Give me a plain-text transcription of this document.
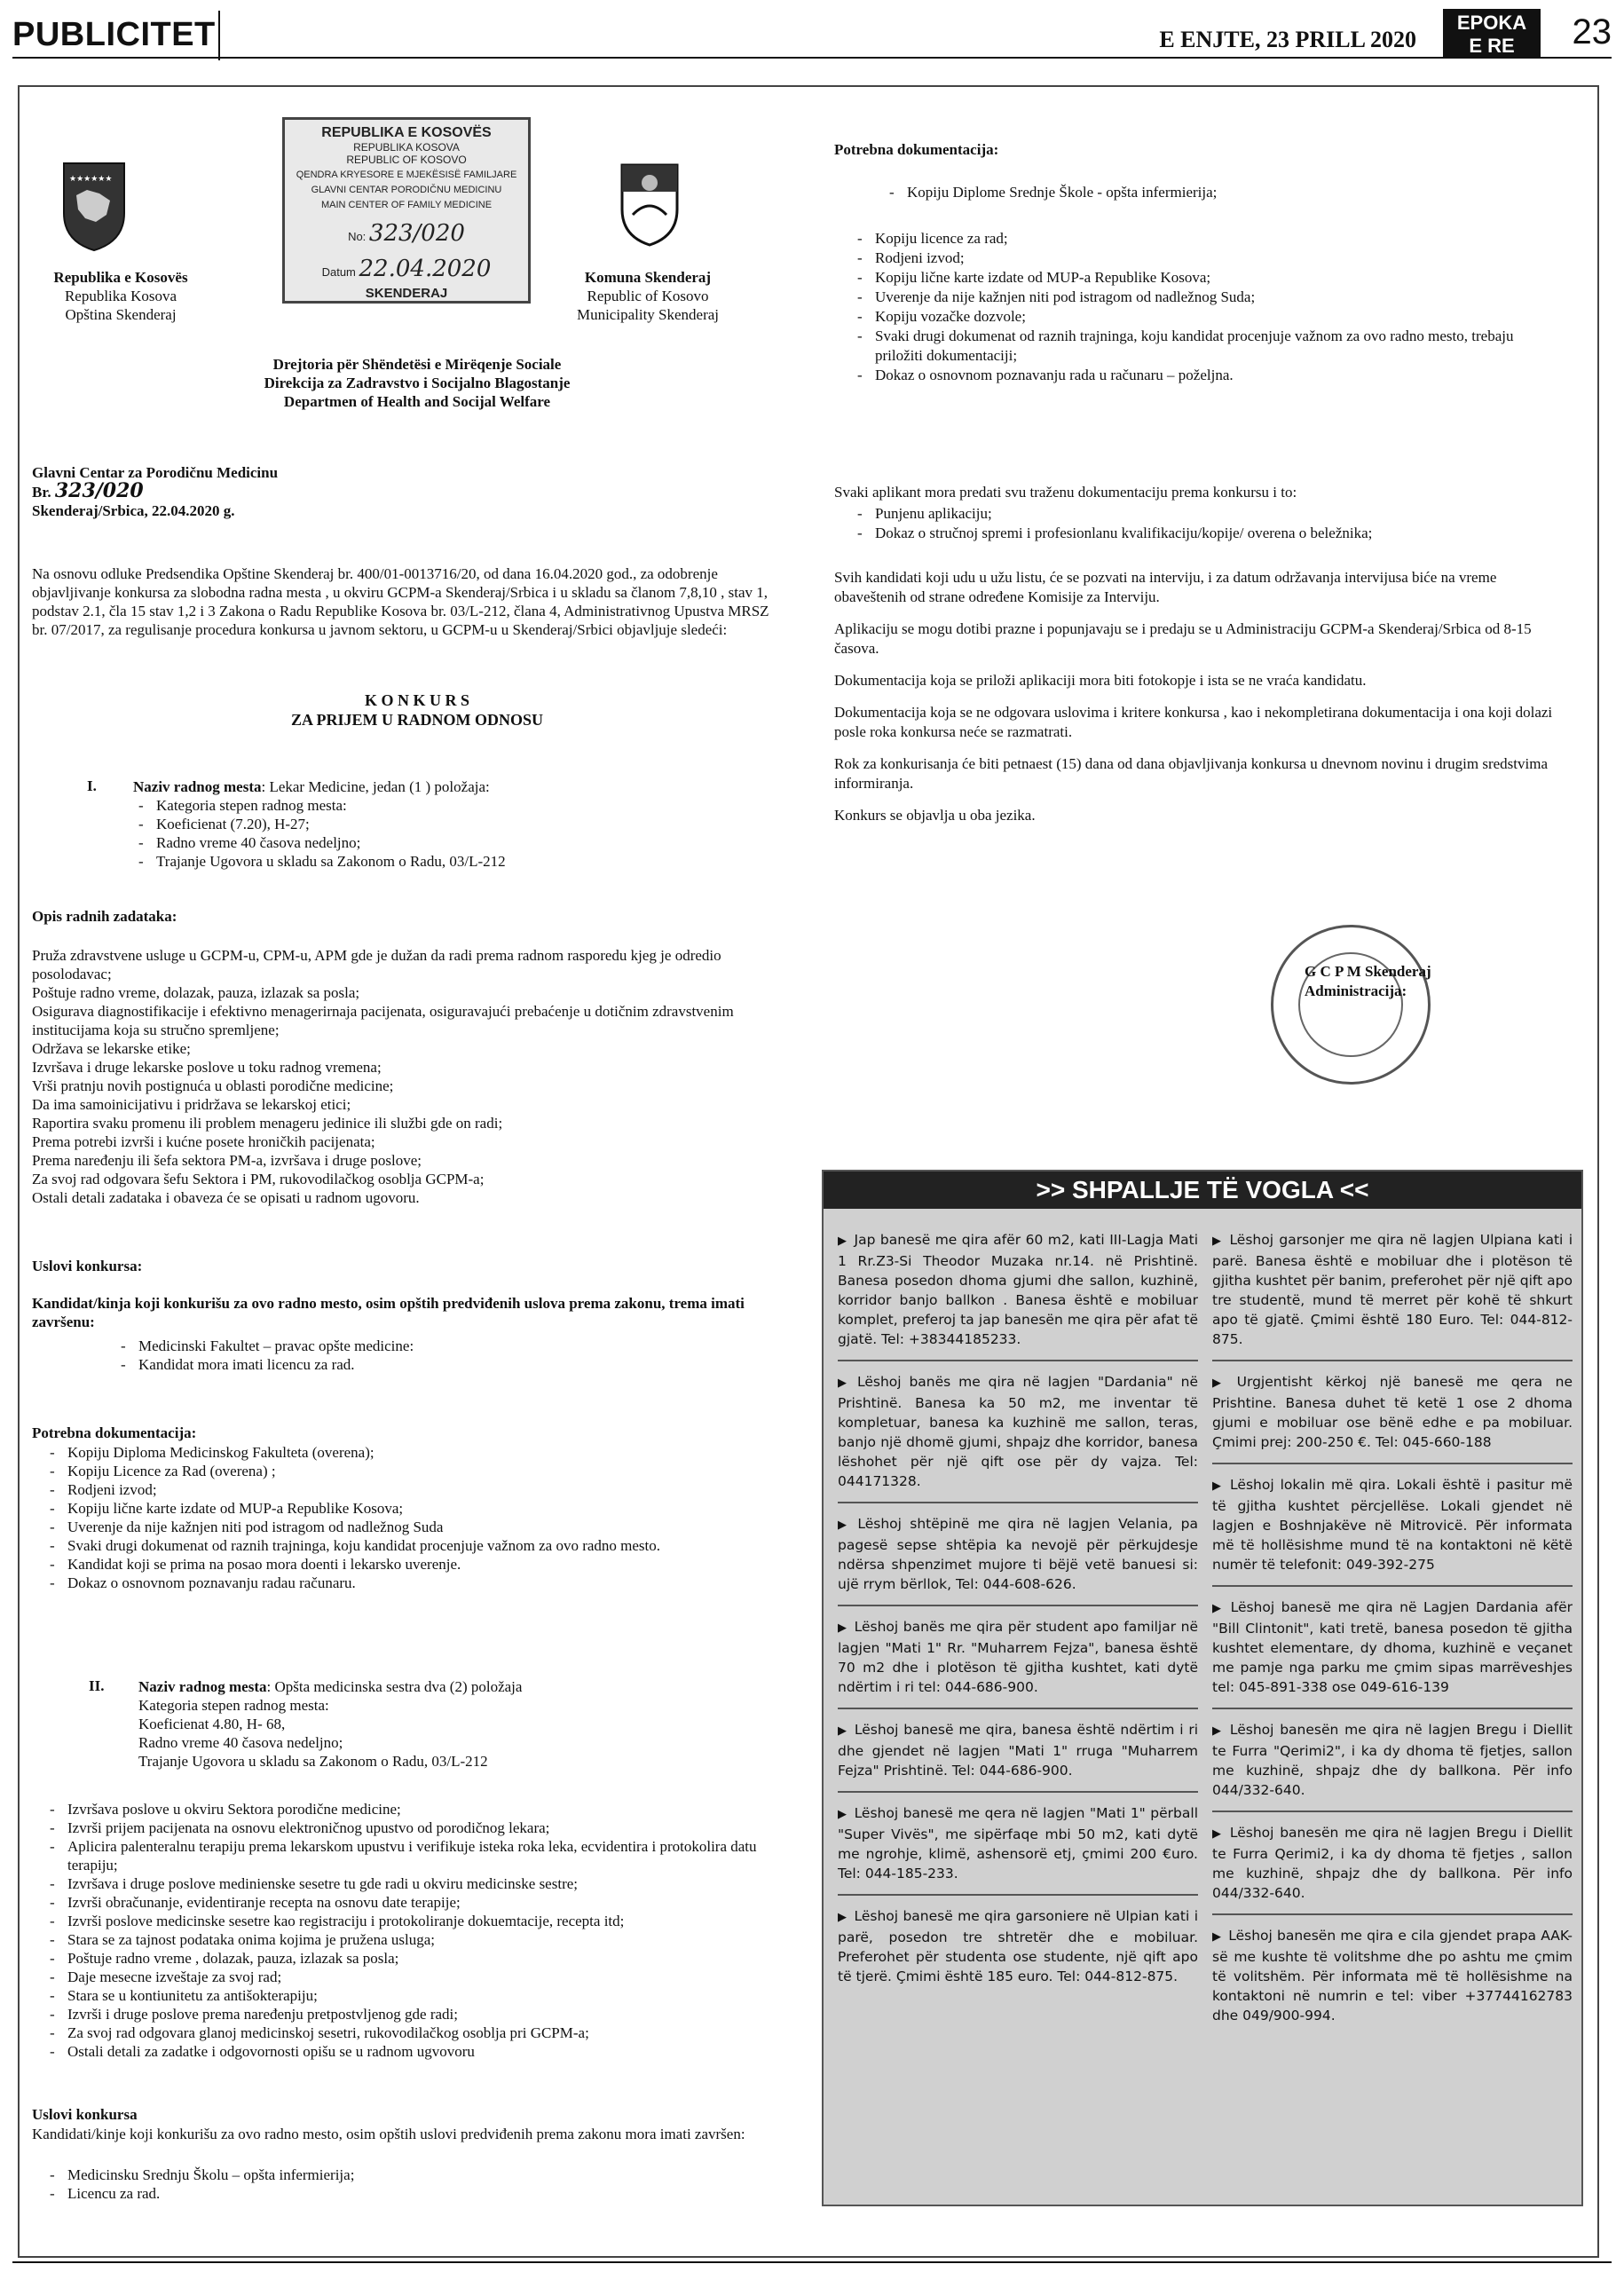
PUBLICITET	E ENJTE, 23 PRILL 2020
EPOKA
E RE	23
★★★★★★
Republika e Kosovës
Republika Kosova
Opština Skenderaj
REPUBLIKA E KOSOVËS
REPUBLIKA KOSOVA
REPUBLIC OF KOSOVO
QENDRA KRYESORE E MJEKËSISË FAMILJARE
GLAVNI CENTAR PORODIČNU MEDICINU
MAIN CENTER OF FAMILY MEDICINE
No: 323/020
Datum 22.04.2020
SKENDERAJ
Komuna Skenderaj
Republic of Kosovo
Municipality Skenderaj
Drejtoria për Shëndetësi e Mirëqenje Sociale
Direkcija za Zadravstvo i Socijalno Blagostanje
Departmen of Health and Socijal Welfare
Glavni Centar za Porodičnu Medicinu
Br. 323/020
Skenderaj/Srbica, 22.04.2020 g.
Na osnovu odluke Predsendika Opštine Skenderaj br. 400/01-0013716/20, od dana 16.04.2020 god., za odobrenje objavljivanje konkursa za slobodna radna mesta , u okviru GCPM-a Skenderaj/Srbica i u skladu sa članom 7,8,10 , stav 1, podstav 2.1, čla 15 stav 1,2 i 3 Zakona o Radu Republike Kosova br. 03/L-212, člana 4, Administrativnog Upustva MRSZ br. 07/2017, za regulisanje procedura konkursa u javnom sektoru, u GCPM-u u Skenderaj/Srbici objavljuje sledeći:
K O N K U R S
ZA PRIJEM U RADNOM ODNOSU
I. Naziv radnog mesta: Lekar Medicine, jedan (1 ) položaja:
- Kategoria stepen radnog mesta:
- Koeficienat (7.20), H-27;
- Radno vreme 40 časova nedeljno;
- Trajanje Ugovora u skladu sa Zakonom o Radu, 03/L-212
Opis radnih zadataka:
Pruža zdravstvene usluge u GCPM-u, CPM-u, APM gde je dužan da radi prema radnom rasporedu kjeg je odredio posolodavac;
Poštuje radno vreme, dolazak, pauza, izlazak sa posla;
Osigurava diagnostifikacije i efektivno menagerirnaja pacijenata, osiguravajući prebaćenje u dotičnim zdravstvenim institucijama koja su stručno spremljene;
Održava se lekarske etike;
Izvršava i druge lekarske poslove u toku radnog vremena;
Vrši pratnju novih postignuća u oblasti porodične medicine;
Da ima samoinicijativu i pridržava se lekarskoj etici;
Raportira svaku promenu ili problem menageru jedinice ili službi gde on radi;
Prema potrebi izvrši i kućne posete hroničkih pacijenata;
Prema naređenju ili šefa sektora PM-a, izvršava i druge poslove;
Za svoj rad odgovara šefu Sektora i PM, rukovodilačkog osoblja GCPM-a;
Ostali detali zadataka i obaveza će se opisati u radnom ugovoru.
Uslovi konkursa:
Kandidat/kinja koji konkurišu za ovo radno mesto, osim opštih predviđenih uslova prema zakonu, trema imati završenu:
- Medicinski Fakultet – pravac opšte medicine:
- Kandidat mora imati licencu za rad.
Potrebna dokumentacija:
- Kopiju Diploma Medicinskog Fakulteta (overena);
- Kopiju Licence za Rad (overena) ;
- Rodjeni izvod;
- Kopiju lične karte izdate od MUP-a Republike Kosova;
- Uverenje da nije kažnjen niti pod istragom od nadležnog Suda
- Svaki drugi dokumenat od raznih trajninga, koju kandidat procenjuje važnom za ovo radno mesto.
- Kandidat koji se prima na posao mora doenti i lekarsko uverenje.
- Dokaz o osnovnom poznavanju radau računaru.
II. Naziv radnog mesta: Opšta medicinska sestra dva (2) položaja
Kategoria stepen radnog mesta:
Koeficienat 4.80, H- 68,
Radno vreme 40 časova nedeljno;
Trajanje Ugovora u skladu sa Zakonom o Radu, 03/L-212
- Izvršava poslove u okviru Sektora porodične medicine;
- Izvrši prijem pacijenata na osnovu elektroničnog upustvo od porodičnog lekara;
- Aplicira palenteralnu terapiju prema lekarskom upustvu i verifikuje isteka roka leka, ecvidentira i protokolira datu terapiju;
- Izvršava i druge poslove medinienske sesetre tu gde radi u okviru medicinske sestre;
- Izvrši obračunanje, evidentiranje recepta na osnovu date terapije;
- Izvrši poslove medicinske sesetre kao registraciju i protokoliranje dokuemtacije, recepta itd;
- Stara se za tajnost podataka onima kojima je pružena usluga;
- Poštuje radno vreme , dolazak, pauza, izlazak sa posla;
- Daje mesecne izveštaje za svoj rad;
- Stara se u kontiunitetu za antišokterapiju;
- Izvrši i druge poslove prema naređenju pretpostvljenog gde radi;
- Za svoj rad odgovara glanoj medicinskoj sesetri, rukovodilačkog osoblja pri GCPM-a;
- Ostali detali za zadatke i odgovornosti opišu se u radnom ugvovoru
Uslovi konkursa
Kandidati/kinje koji konkurišu za ovo radno mesto, osim opštih uslovi predviđenih prema zakonu mora imati završen:
- Medicinsku Srednju Školu – opšta infermierija;
- Licencu za rad.
Potrebna dokumentacija:
- Kopiju Diplome Srednje Škole - opšta infermierija;
- Kopiju licence za rad;
- Rodjeni izvod;
- Kopiju lične karte izdate od MUP-a Republike Kosova;
- Uverenje da nije kažnjen niti pod istragom od nadležnog Suda;
- Kopiju vozačke dozvole;
- Svaki drugi dokumenat od raznih trajninga, koju kandidat procenjuje važnom za ovo radno mesto, trebaju priložiti dokumentaciji;
- Dokaz o osnovnom poznavanju rada u računaru – poželjna.
Svaki aplikant mora predati svu traženu dokumentaciju prema konkursu i to:
- Punjenu aplikaciju;
- Dokaz o stručnoj spremi i profesionlanu kvalifikaciju/kopije/ overena o beležnika;

Svih kandidati koji udu u užu listu, će se pozvati na interviju, i za datum održavanja intervijusa biće na vreme obaveštenih od strane određene Komisije za Interviju.

Aplikaciju se mogu dotibi prazne i popunjavaju se i predaju se u Administraciju GCPM-a Skenderaj/Srbica od 8-15 časova.

Dokumentacija koja se priloži aplikaciji mora biti fotokopje i ista se ne vraća kandidatu.

Dokumentacija koja se ne odgovara uslovima i kritere konkursa , kao i nekompletirana dokumentacija i ona koji dolazi posle roka konkursa neće se razmatrati.

Rok za konkurisanja će biti petnaest (15) dana od dana objavljivanja konkursa u dnevnom novinu i drugim sredstvima informiranja.

Konkurs se objavlja u oba jezika.

G C P M Skenderaj
Administracija:
>> SHPALLJE TË VOGLA <<
▶ Jap banesë me qira afër 60 m2, kati III-Lagja Mati 1 Rr.Z3-Si Theodor Muzaka nr.14. në Prishtinë. Banesa posedon dhoma gjumi dhe sallon, kuzhinë, korridor banjo ballkon . Banesa është e mobiluar komplet, preferoj ta jap banesën me qira për afat të gjatë. Tel: +38344185233.
▶ Lëshoj banës me qira në lagjen "Dardania" në Prishtinë. Banesa ka 50 m2, me inventar të kompletuar, banesa ka kuzhinë me sallon, teras, banjo një dhomë gjumi, shpajz dhe korridor, banesa lëshohet për një qift ose për dy vajza. Tel: 044171328.
▶ Lëshoj shtëpinë me qira në lagjen Velania, pa pagesë sepse shtëpia ka nevojë për përkujdesje ndërsa shpenzimet mujore ti bëjë vetë banuesi si: ujë rrym bërllok, Tel: 044-608-626.
▶ Lëshoj banës me qira për student apo familjar në lagjen "Mati 1" Rr. "Muharrem Fejza", banesa është 70 m2 dhe i plotëson të gjitha kushtet, kati dytë ndërtim i ri tel: 044-686-900.
▶ Lëshoj banesë me qira, banesa është ndërtim i ri dhe gjendet në lagjen "Mati 1" rruga "Muharrem Fejza" Prishtinë. Tel: 044-686-900.
▶ Lëshoj banesë me qera në lagjen "Mati 1" përball "Super Vivës", me sipërfaqe mbi 50 m2, kati dytë me ngrohje, klimë, ashensorë etj, çmimi 200 €uro. Tel: 044-185-233.
▶ Lëshoj banesë me qira garsoniere në Ulpian kati i parë, posedon tre shtretër dhe e mobiluar. Preferohet për studenta ose studente, një qift apo të tjerë. Çmimi është 185 euro. Tel: 044-812-875.
▶ Lëshoj garsonjer me qira në lagjen Ulpiana kati i parë. Banesa është e mobiluar dhe i plotëson të gjitha kushtet për banim, preferohet për një qift apo tre studentë, mund të merret për kohë të shkurt apo të gjatë. Çmimi është 180 Euro. Tel: 044-812-875.
▶ Urgjentisht kërkoj një banesë me qera ne Prishtine. Banesa duhet të ketë 1 ose 2 dhoma gjumi e mobiluar ose bënë edhe e pa mobiluar. Çmimi prej: 200-250 €. Tel: 045-660-188
▶ Lëshoj lokalin më qira. Lokali është i pasitur më të gjitha kushtet përcjellëse. Lokali gjendet në lagjen e Boshnjakëve në Mitrovicë. Për informata më të hollësishme mund të na kontaktoni në këtë numër të telefonit: 049-392-275
▶ Lëshoj banesë me qira në Lagjen Dardania afër "Bill Clintonit", kati tretë, banesa posedon të gjitha kushtet elementare, dy dhoma, kuzhinë e veçanet me pamje nga parku me çmim sipas marrëveshjes tel: 045-891-338 ose 049-616-139
▶ Lëshoj banesën me qira në lagjen Bregu i Diellit te Furra "Qerimi2", i ka dy dhoma të fjetjes, sallon me kuzhinë, shpajz dhe dy ballkona. Për info 044/332-640.
▶ Lëshoj banesën me qira në lagjen Bregu i Diellit te Furra Qerimi2, i ka dy dhoma të fjetjes , sallon me kuzhinë, shpajz dhe dy ballkona. Për info 044/332-640.
▶ Lëshoj banesën me qira e cila gjendet prapa AAK-së me kushte të volitshme dhe po ashtu me çmim të volitshëm. Për informata më të hollësishme na kontaktoni në numrin e tel: viber +37744162783 dhe 049/900-994.
